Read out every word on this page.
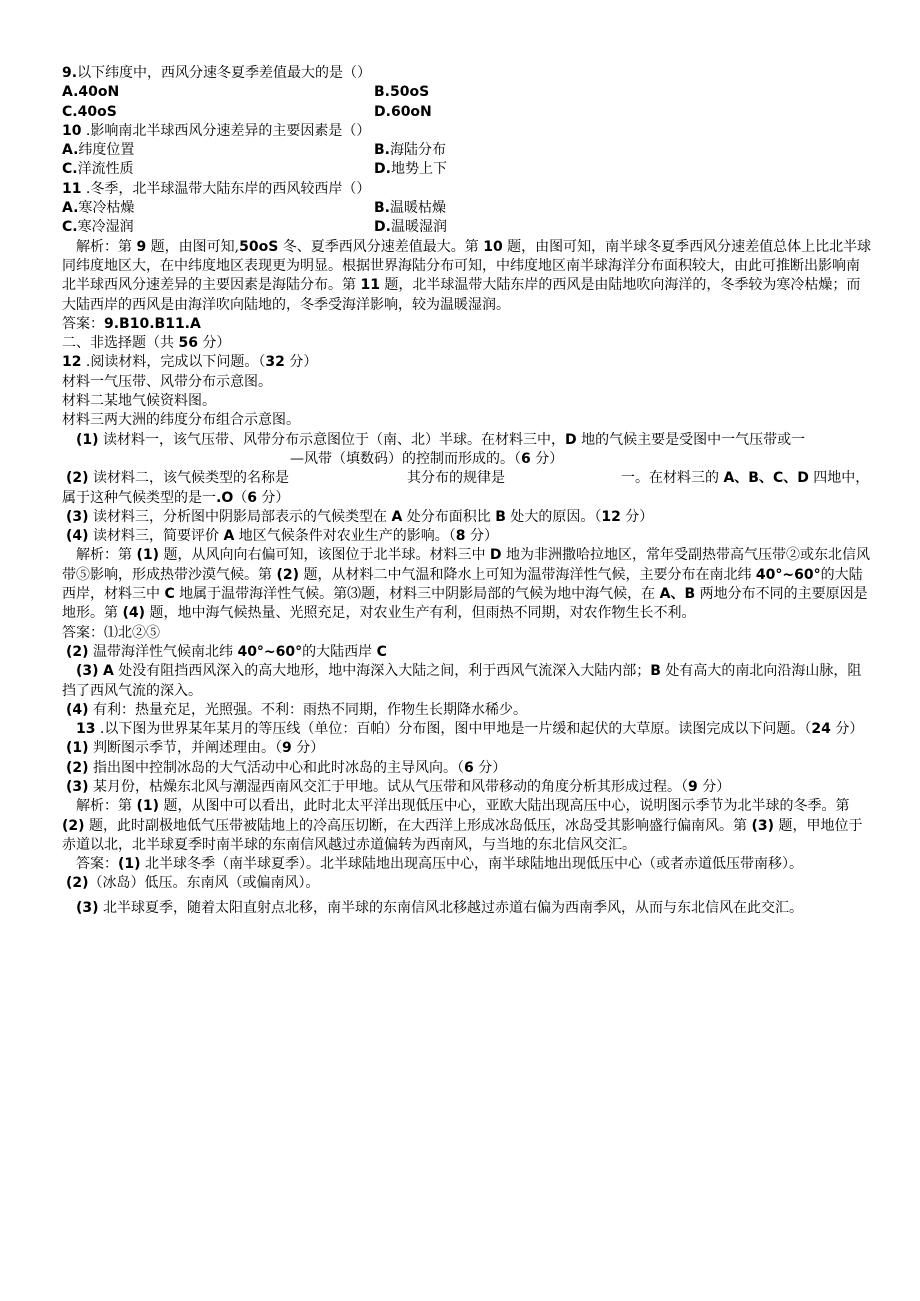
9.以下纬度中，西风分速冬夏季差值最大的是（）
A.40oN	B.50oS
C.40oS	D.60oN
10 .影响南北半球西风分速差异的主要因素是（）
A.纬度位置	B.海陆分布
C.洋流性质	D.地势上下
11 .冬季，北半球温带大陆东岸的西风较西岸（）
A.寒冷枯燥	B.温暖枯燥
C.寒冷湿润	D.温暖湿润
解析：第 9 题，由图可知,50oS 冬、夏季西风分速差值最大。第 10 题，由图可知，南半球冬夏季西风分速差值总体上比北半球同纬度地区大，在中纬度地区表现更为明显。根据世界海陆分布可知，中纬度地区南半球海洋分布面积较大，由此可推断出影响南北半球西风分速差异的主要因素是海陆分布。第 11 题，北半球温带大陆东岸的西风是由陆地吹向海洋的，冬季较为寒冷枯燥；而大陆西岸的西风是由海洋吹向陆地的，冬季受海洋影响，较为温暖湿润。
答案：9.B10.B11.A
二、非选择题（共 56 分）
12 .阅读材料，完成以下问题。（32 分）
材料一气压带、风带分布示意图。
材料二某地气候资料图。
材料三两大洲的纬度分布组合示意图。
(1) 读材料一，该气压带、风带分布示意图位于（南、北）半球。在材料三中，D 地的气候主要是受图中一气压带或一—风带（填数码）的控制而形成的。（6 分）
(2) 读材料二，该气候类型的名称是	其分布的规律是	一。在材料三的 A、B、C、D 四地中，属于这种气候类型的是一.O（6 分）
(3) 读材料三，分析图中阴影局部表示的气候类型在 A 处分布面积比 B 处大的原因。（12 分）
(4) 读材料三，简要评价 A 地区气候条件对农业生产的影响。（8 分）
解析：第 (1) 题，从风向向右偏可知，该图位于北半球。材料三中 D 地为非洲撒哈拉地区，常年受副热带高气压带②或东北信风带⑤影响，形成热带沙漠气候。第 (2) 题，从材料二中气温和降水上可知为温带海洋性气候，主要分布在南北纬 40°~60°的大陆西岸，材料三中 C 地属于温带海洋性气候。第⑶题，材料三中阴影局部的气候为地中海气候，在 A、B 两地分布不同的主要原因是地形。第 (4) 题，地中海气候热量、光照充足，对农业生产有利，但雨热不同期，对农作物生长不利。
答案：⑴北②⑤
(2) 温带海洋性气候南北纬 40°~60°的大陆西岸 C
(3) A 处没有阻挡西风深入的高大地形，地中海深入大陆之间，利于西风气流深入大陆内部；B 处有高大的南北向沿海山脉，阻挡了西风气流的深入。
(4) 有利：热量充足，光照强。不利：雨热不同期，作物生长期降水稀少。
13 .以下图为世界某年某月的等压线（单位：百帕）分布图，图中甲地是一片缓和起伏的大草原。读图完成以下问题。（24 分）
(1) 判断图示季节，并阐述理由。（9 分）
(2) 指出图中控制冰岛的大气活动中心和此时冰岛的主导风向。（6 分）
(3) 某月份，枯燥东北风与潮湿西南风交汇于甲地。试从气压带和风带移动的角度分析其形成过程。（9 分）
解析：第 (1) 题，从图中可以看出，此时北太平洋出现低压中心，亚欧大陆出现高压中心，说明图示季节为北半球的冬季。第 (2) 题，此时副极地低气压带被陆地上的冷高压切断，在大西洋上形成冰岛低压，冰岛受其影响盛行偏南风。第 (3) 题，甲地位于赤道以北，北半球夏季时南半球的东南信风越过赤道偏转为西南风，与当地的东北信风交汇。
答案：(1) 北半球冬季（南半球夏季）。北半球陆地出现高压中心，南半球陆地出现低压中心（或者赤道低压带南移）。
(2)（冰岛）低压。东南风（或偏南风）。
(3) 北半球夏季，随着太阳直射点北移，南半球的东南信风北移越过赤道右偏为西南季风，从而与东北信风在此交汇。
